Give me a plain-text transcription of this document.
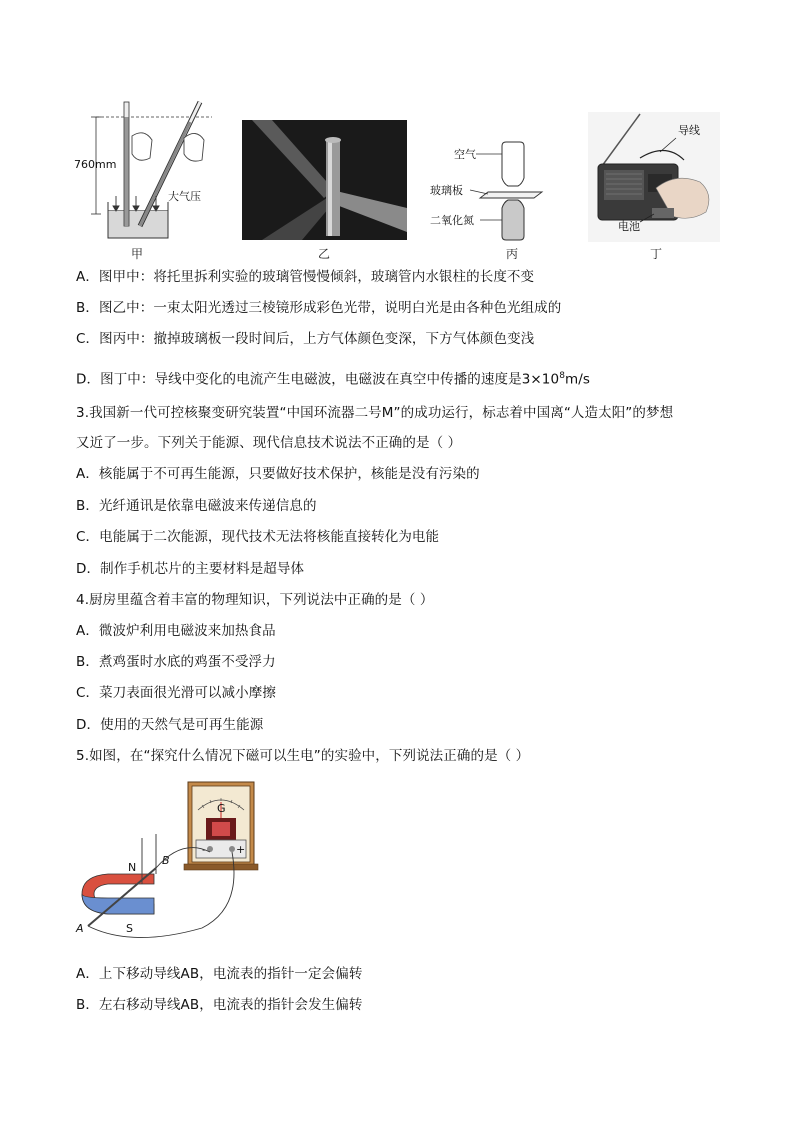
760mm
大气压
甲	乙
空气
玻璃板
二氧化氮
丙
导线
电池
丁
A．图甲中：将托里拆利实验的玻璃管慢慢倾斜，玻璃管内水银柱的长度不变
B．图乙中：一束太阳光透过三棱镜形成彩色光带，说明白光是由各种色光组成的
C．图丙中：撤掉玻璃板一段时间后，上方气体颜色变深，下方气体颜色变浅
D．图丁中：导线中变化的电流产生电磁波，电磁波在真空中传播的速度是$3\times 10^8m/s$
3.我国新一代可控核聚变研究装置“中国环流器二号M”的成功运行，标志着中国离“人造太阳”的梦想
又近了一步。下列关于能源、现代信息技术说法不正确的是（ ）
A．核能属于不可再生能源，只要做好技术保护，核能是没有污染的
B．光纤通讯是依靠电磁波来传递信息的
C．电能属于二次能源，现代技术无法将核能直接转化为电能
D．制作手机芯片的主要材料是超导体
4.厨房里蕴含着丰富的物理知识，下列说法中正确的是（ ）
A．微波炉利用电磁波来加热食品
B．煮鸡蛋时水底的鸡蛋不受浮力
C．菜刀表面很光滑可以减小摩擦
D．使用的天然气是可再生能源
5.如图，在“探究什么情况下磁可以生电”的实验中，下列说法正确的是（ ）
G
-	+
N
S
B
A
A．上下移动导线AB，电流表的指针一定会偏转
B．左右移动导线AB，电流表的指针会发生偏转
